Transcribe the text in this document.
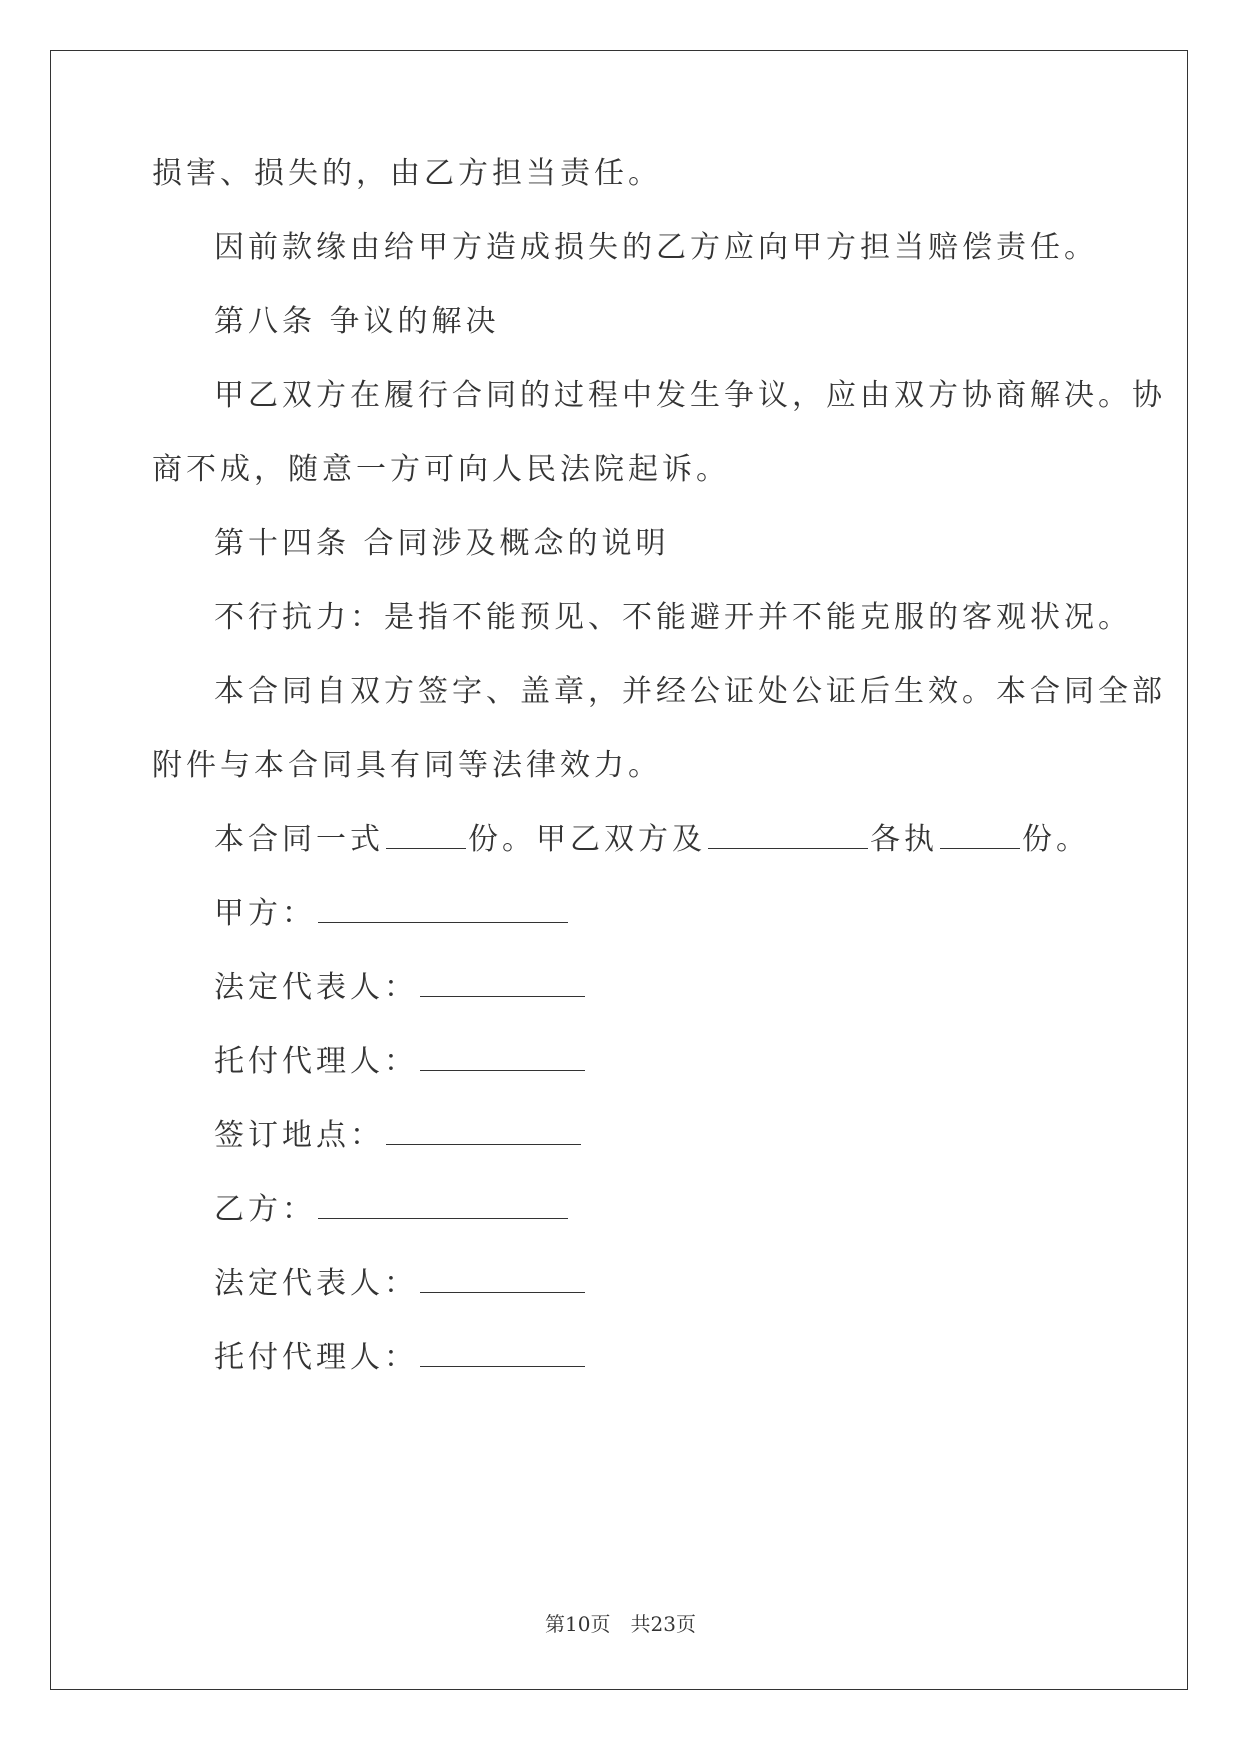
损害、损失的，由乙方担当责任。
因前款缘由给甲方造成损失的乙方应向甲方担当赔偿责任。
第八条 争议的解决
甲乙双方在履行合同的过程中发生争议，应由双方协商解决。协
商不成，随意一方可向人民法院起诉。
第十四条 合同涉及概念的说明
不行抗力：是指不能预见、不能避开并不能克服的客观状况。
本合同自双方签字、盖章，并经公证处公证后生效。本合同全部
附件与本合同具有同等法律效力。
本合同一式	份。甲乙双方及	各执	份。
甲方：
法定代表人：
托付代理人：
签订地点：
乙方：
法定代表人：
托付代理人：
第10页　共23页
